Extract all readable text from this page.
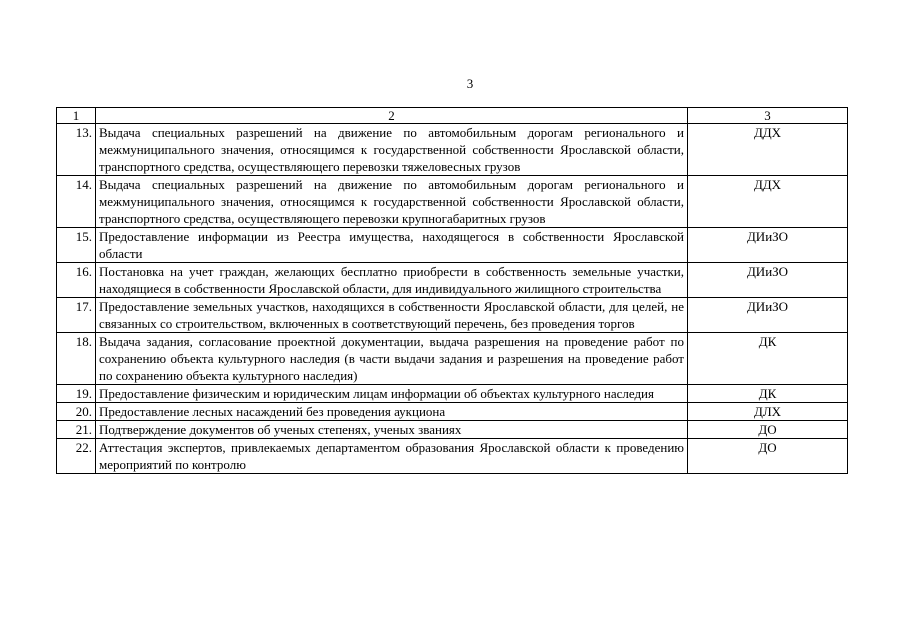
3
1	2	3
13.	Выдача специальных разрешений на движение по автомобильным дорогам регионального и межмуниципального значения, относящимся к государственной собственности Ярославской области, транспортного средства, осуществляющего перевозки тяжеловесных грузов	ДДХ
14.	Выдача специальных разрешений на движение по автомобильным дорогам регионального и межмуниципального значения, относящимся к государственной собственности Ярославской области, транспортного средства, осуществляющего перевозки крупногабаритных грузов	ДДХ
15.	Предоставление информации из Реестра имущества, находящегося в собственности Ярославской области	ДИиЗО
16.	Постановка на учет граждан, желающих бесплатно приобрести в собственность земельные участки, находящиеся в собственности Ярославской области, для индивидуального жилищного строительства	ДИиЗО
17.	Предоставление земельных участков, находящихся в собственности Ярославской области, для целей, не связанных со строительством, включенных в соответствующий перечень, без проведения торгов	ДИиЗО
18.	Выдача задания, согласование проектной документации, выдача разрешения на проведение работ по сохранению объекта культурного наследия (в части выдачи задания и разрешения на проведение работ по сохранению объекта культурного наследия)	ДК
19.	Предоставление физическим и юридическим лицам информации об объектах культурного наследия	ДК
20.	Предоставление лесных насаждений без проведения аукциона	ДЛХ
21.	Подтверждение документов об ученых степенях, ученых званиях	ДО
22.	Аттестация экспертов, привлекаемых департаментом образования Ярославской области к проведению мероприятий по контролю	ДО
